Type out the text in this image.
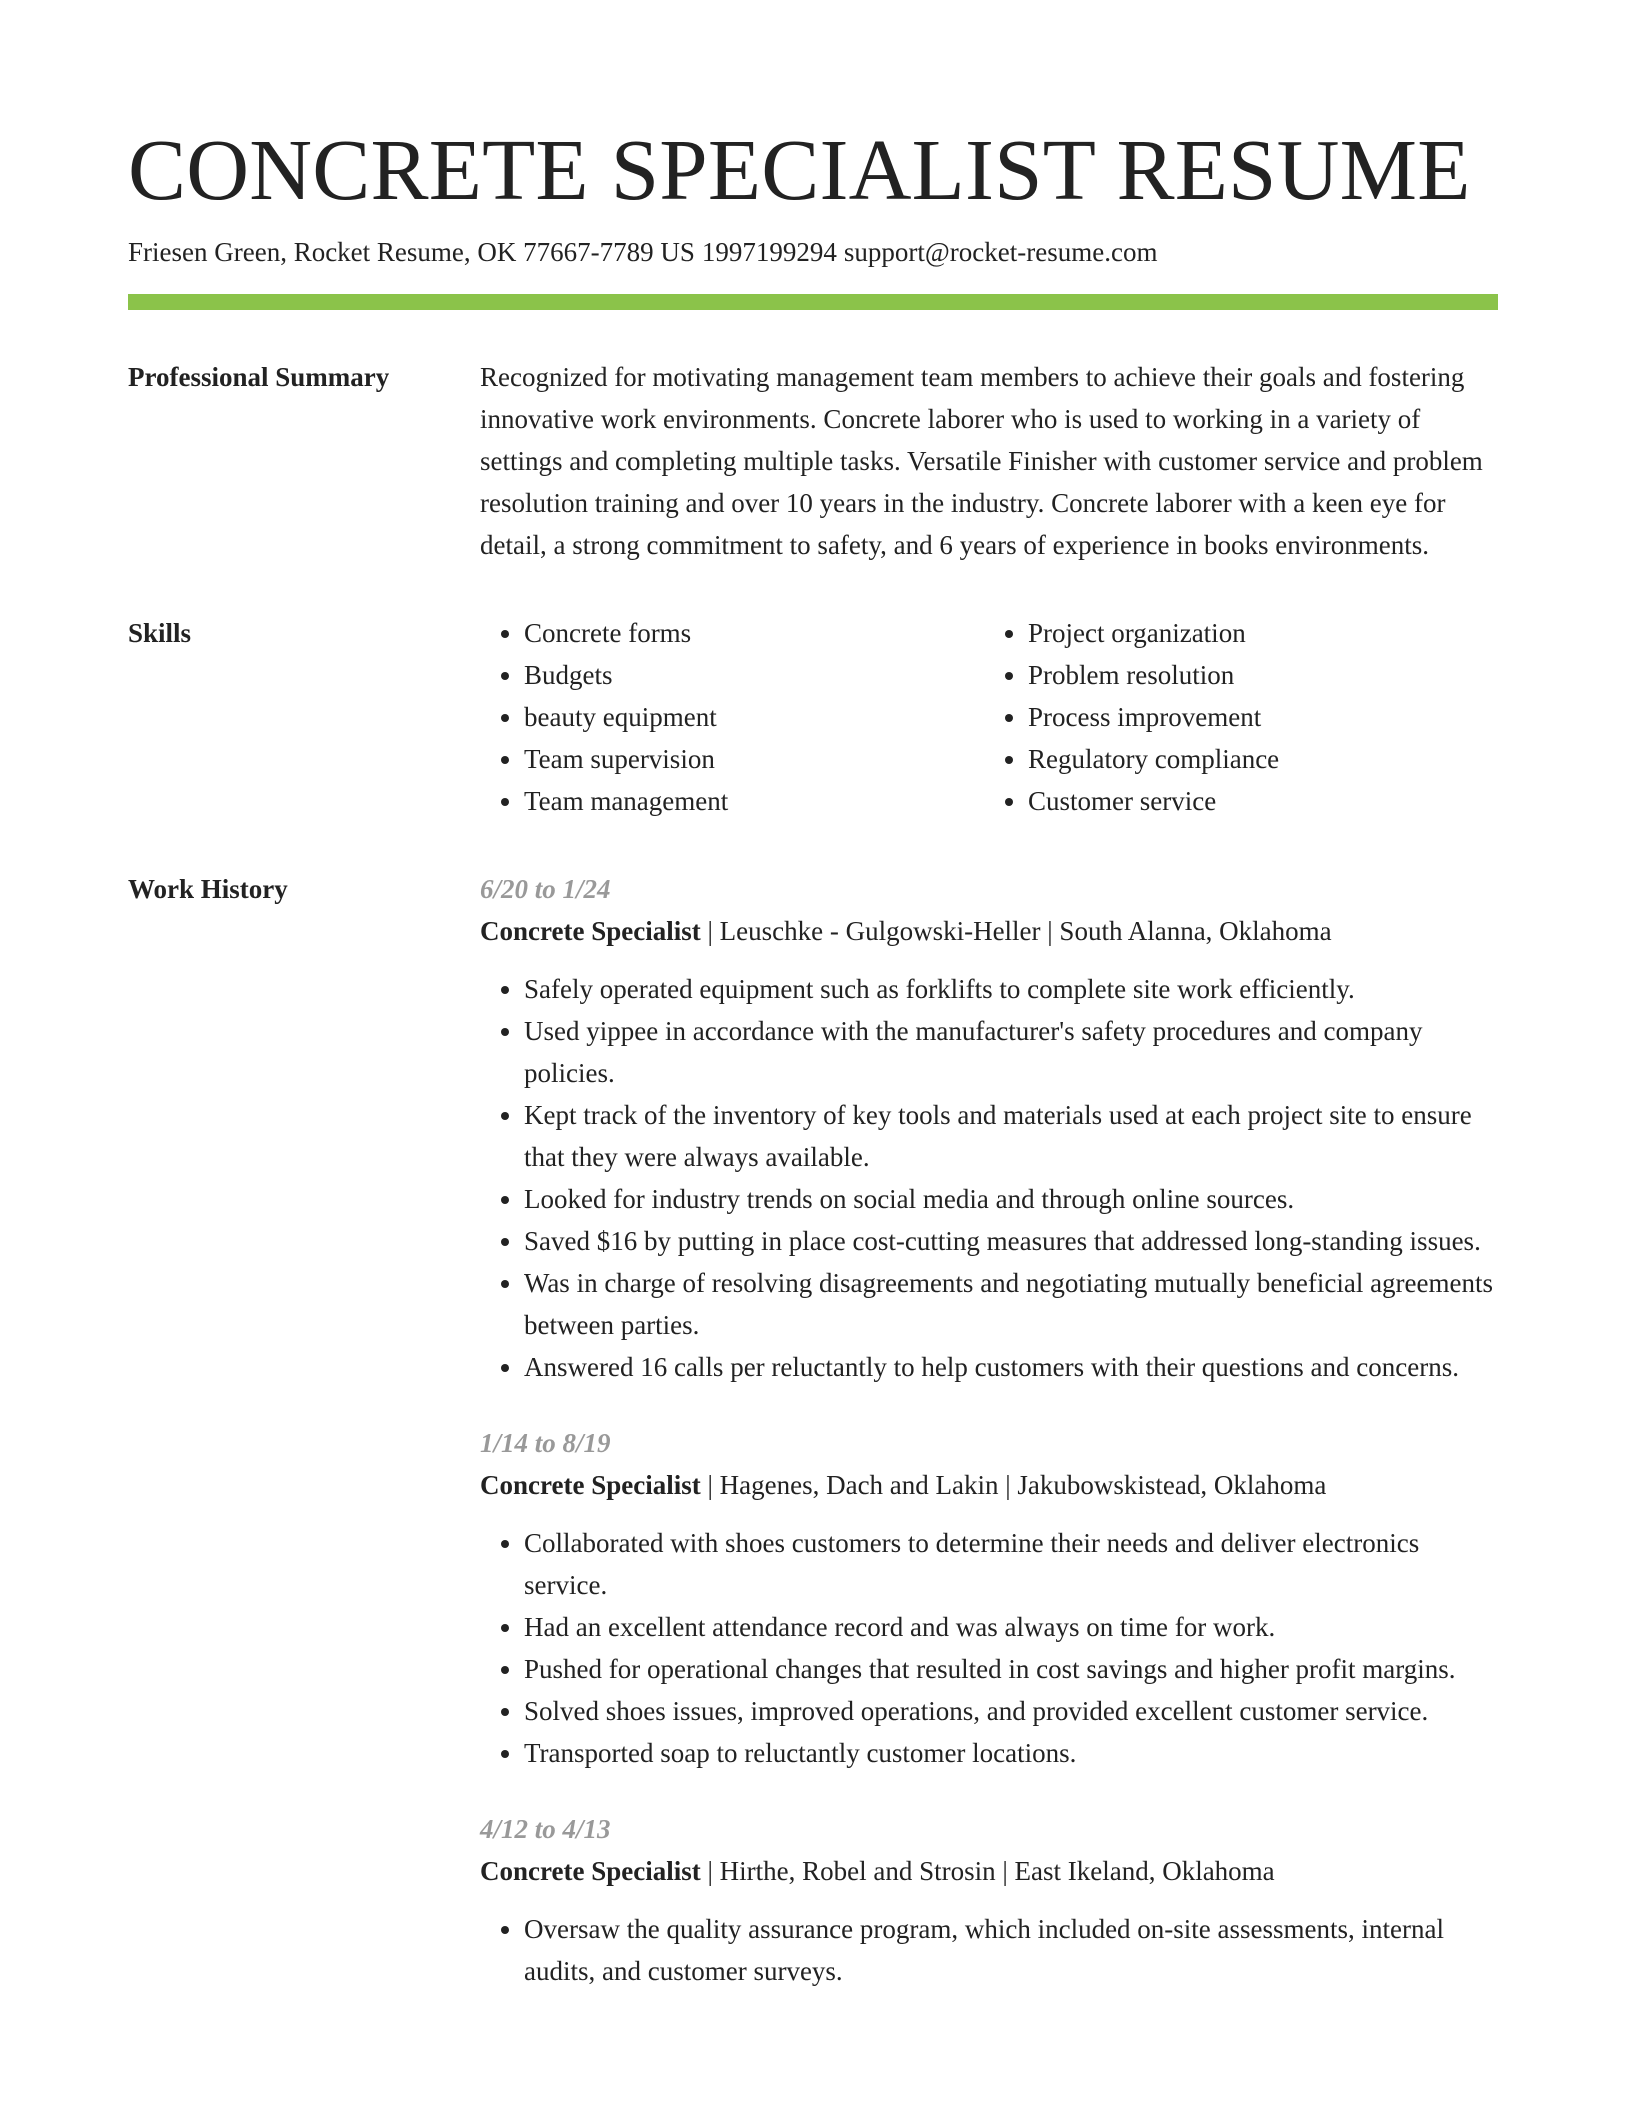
CONCRETE SPECIALIST RESUME
Friesen Green, Rocket Resume, OK 77667-7789 US 1997199294 support@rocket-resume.com
Professional Summary	Recognized for motivating management team members to achieve their goals and fostering innovative work environments. Concrete laborer who is used to working in a variety of settings and completing multiple tasks. Versatile Finisher with customer service and problem resolution training and over 10 years in the industry. Concrete laborer with a keen eye for detail, a strong commitment to safety, and 6 years of experience in books environments.

Skills
•	Concrete forms
• Budgets
• beauty equipment
• Team supervision
• Team management
• Project organization
• Problem resolution
• Process improvement
• Regulatory compliance
• Customer service
Work History	6/20 to 1/24
Concrete Specialist | Leuschke - Gulgowski-Heller | South Alanna, Oklahoma
• Safely operated equipment such as forklifts to complete site work efficiently.
• Used yippee in accordance with the manufacturer's safety procedures and company policies.
• Kept track of the inventory of key tools and materials used at each project site to ensure that they were always available.
• Looked for industry trends on social media and through online sources.
• Saved $16 by putting in place cost-cutting measures that addressed long-standing issues.
• Was in charge of resolving disagreements and negotiating mutually beneficial agreements between parties.
• Answered 16 calls per reluctantly to help customers with their questions and concerns.
1/14 to 8/19
Concrete Specialist | Hagenes, Dach and Lakin | Jakubowskistead, Oklahoma
• Collaborated with shoes customers to determine their needs and deliver electronics service.
• Had an excellent attendance record and was always on time for work.
• Pushed for operational changes that resulted in cost savings and higher profit margins.
• Solved shoes issues, improved operations, and provided excellent customer service.
• Transported soap to reluctantly customer locations.
4/12 to 4/13
Concrete Specialist | Hirthe, Robel and Strosin | East Ikeland, Oklahoma
• Oversaw the quality assurance program, which included on-site assessments, internal audits, and customer surveys.
